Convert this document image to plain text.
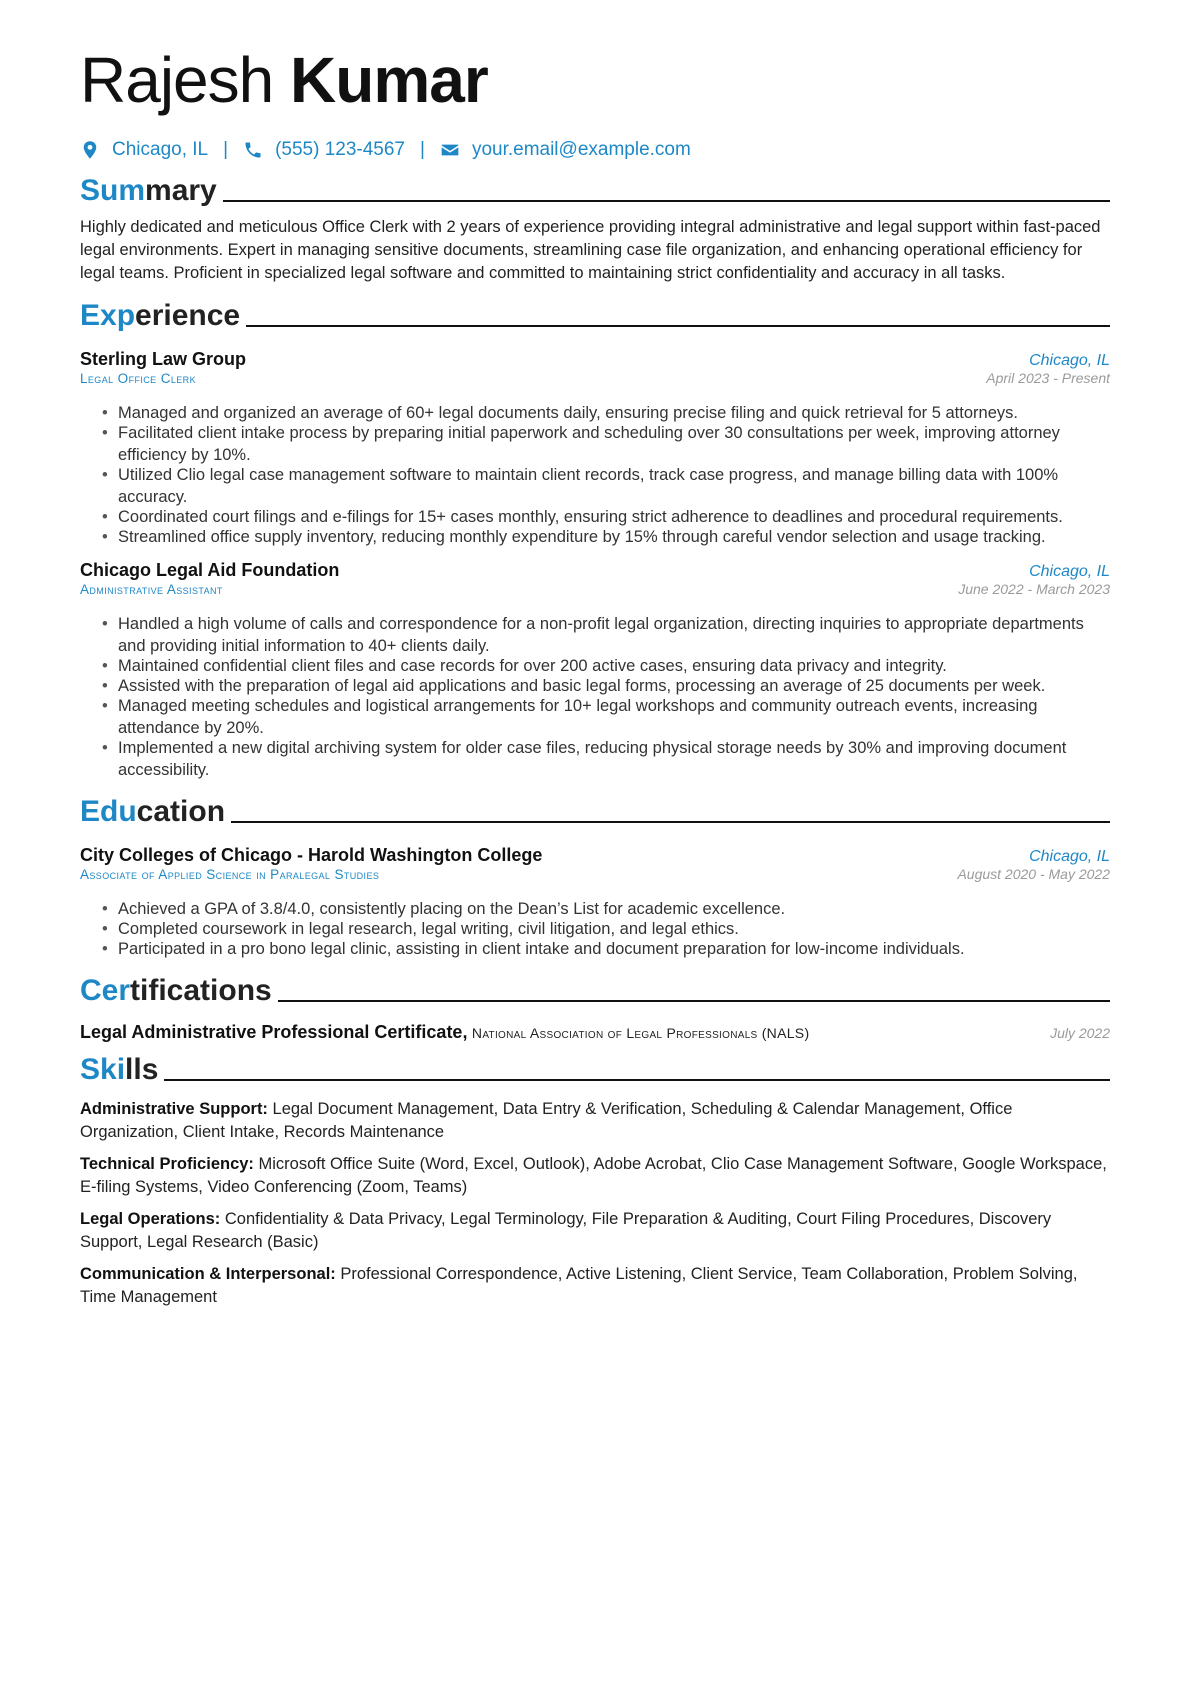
Rajesh Kumar
Chicago, IL | (555) 123-4567 | your.email@example.com
Summary

Highly dedicated and meticulous Office Clerk with 2 years of experience providing integral administrative and legal support within fast-paced legal environments. Expert in managing sensitive documents, streamlining case file organization, and enhancing operational efficiency for legal teams. Proficient in specialized legal software and committed to maintaining strict confidentiality and accuracy in all tasks.

Experience
Sterling Law Group	Chicago, IL
Legal Office Clerk	April 2023 - Present
• Managed and organized an average of 60+ legal documents daily, ensuring precise filing and quick retrieval for 5 attorneys.
• Facilitated client intake process by preparing initial paperwork and scheduling over 30 consultations per week, improving attorney efficiency by 10%.
• Utilized Clio legal case management software to maintain client records, track case progress, and manage billing data with 100% accuracy.
• Coordinated court filings and e-filings for 15+ cases monthly, ensuring strict adherence to deadlines and procedural requirements.
• Streamlined office supply inventory, reducing monthly expenditure by 15% through careful vendor selection and usage tracking.
Chicago Legal Aid Foundation	Chicago, IL
Administrative Assistant	June 2022 - March 2023
• Handled a high volume of calls and correspondence for a non-profit legal organization, directing inquiries to appropriate departments and providing initial information to 40+ clients daily.
• Maintained confidential client files and case records for over 200 active cases, ensuring data privacy and integrity.
• Assisted with the preparation of legal aid applications and basic legal forms, processing an average of 25 documents per week.
• Managed meeting schedules and logistical arrangements for 10+ legal workshops and community outreach events, increasing attendance by 20%.
• Implemented a new digital archiving system for older case files, reducing physical storage needs by 30% and improving document accessibility.
Education
City Colleges of Chicago - Harold Washington College	Chicago, IL
Associate of Applied Science in Paralegal Studies	August 2020 - May 2022
• Achieved a GPA of 3.8/4.0, consistently placing on the Dean’s List for academic excellence.
• Completed coursework in legal research, legal writing, civil litigation, and legal ethics.
• Participated in a pro bono legal clinic, assisting in client intake and document preparation for low-income individuals.
Certifications
Legal Administrative Professional Certificate, National Association of Legal Professionals (NALS)	July 2022
Skills

Administrative Support: Legal Document Management, Data Entry & Verification, Scheduling & Calendar Management, Office Organization, Client Intake, Records Maintenance

Technical Proficiency: Microsoft Office Suite (Word, Excel, Outlook), Adobe Acrobat, Clio Case Management Software, Google Workspace, E-filing Systems, Video Conferencing (Zoom, Teams)

Legal Operations: Confidentiality & Data Privacy, Legal Terminology, File Preparation & Auditing, Court Filing Procedures, Discovery Support, Legal Research (Basic)

Communication & Interpersonal: Professional Correspondence, Active Listening, Client Service, Team Collaboration, Problem Solving, Time Management
